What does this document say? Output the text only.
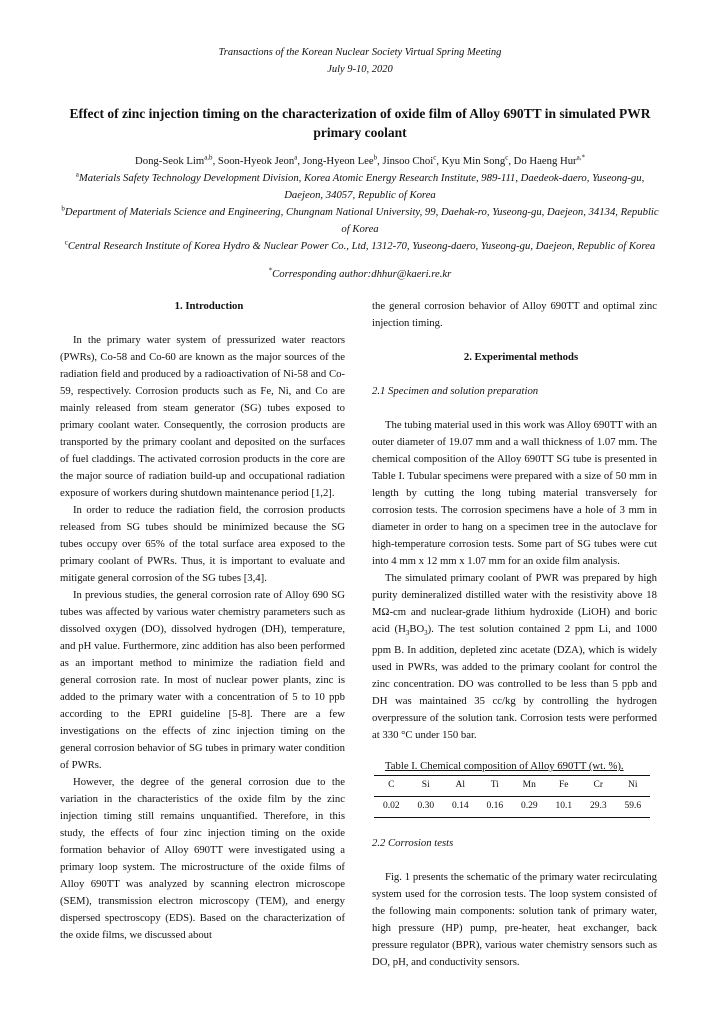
Transactions of the Korean Nuclear Society Virtual Spring Meeting
July 9-10, 2020
Effect of zinc injection timing on the characterization of oxide film of Alloy 690TT in simulated PWR primary coolant
Dong-Seok Lim$^{a,b}$, Soon-Hyeok Jeon$^a$, Jong-Hyeon Lee$^b$, Jinsoo Choi$^c$, Kyu Min Song$^c$, Do Haeng Hur$^{a,*}$
$^a$Materials Safety Technology Development Division, Korea Atomic Energy Research Institute, 989-111, Daedeok-daero, Yuseong-gu, Daejeon, 34057, Republic of Korea
$^b$Department of Materials Science and Engineering, Chungnam National University, 99, Daehak-ro, Yuseong-gu, Daejeon, 34134, Republic of Korea
$^c$Central Research Institute of Korea Hydro & Nuclear Power Co., Ltd, 1312-70, Yuseong-daero, Yuseong-gu, Daejeon, Republic of Korea
*Corresponding author:dhhur@kaeri.re.kr

1. Introduction

In the primary water system of pressurized water reactors (PWRs), Co-58 and Co-60 are known as the major sources of the radiation field and produced by a radioactivation of Ni-58 and Co-59, respectively. Corrosion products such as Fe, Ni, and Co are mainly released from steam generator (SG) tubes exposed to primary coolant water. Consequently, the corrosion products are transported by the primary coolant and deposited on the surfaces of fuel claddings. The activated corrosion products in the core are the major source of radiation build-up and occupational radiation exposure of workers during shutdown maintenance period [1,2].

In order to reduce the radiation field, the corrosion products released from SG tubes should be minimized because the SG tubes occupy over 65% of the total surface area exposed to the primary coolant of PWRs. Thus, it is important to evaluate and mitigate general corrosion of the SG tubes [3,4].

In previous studies, the general corrosion rate of Alloy 690 SG tubes was affected by various water chemistry parameters such as dissolved oxygen (DO), dissolved hydrogen (DH), temperature, and pH value. Furthermore, zinc addition has also been performed as an important method to minimize the radiation field and general corrosion rate. In most of nuclear power plants, zinc is added to the primary water with a concentration of 5 to 10 ppb according to the EPRI guideline [5-8]. There are a few investigations on the effects of zinc injection timing on the general corrosion behavior of SG tubes in primary water condition of PWRs.

However, the degree of the general corrosion due to the variation in the characteristics of the oxide film by the zinc injection timing still remains unquantified. Therefore, in this study, the effects of four zinc injection timing on the oxide formation behavior of Alloy 690TT were investigated using a primary loop system. The microstructure of the oxide films of Alloy 690TT was analyzed by scanning electron microscope (SEM), transmission electron microscopy (TEM), and energy dispersed spectroscopy (EDS). Based on the characterization of the oxide films, we discussed about

the general corrosion behavior of Alloy 690TT and optimal zinc injection timing.

2. Experimental methods

2.1 Specimen and solution preparation

The tubing material used in this work was Alloy 690TT with an outer diameter of 19.07 mm and a wall thickness of 1.07 mm. The chemical composition of the Alloy 690TT SG tube is presented in Table I. Tubular specimens were prepared with a size of 50 mm in length by cutting the long tubing material transversely for corrosion tests. The corrosion specimens have a hole of 3 mm in diameter in order to hang on a specimen tree in the autoclave for high-temperature corrosion tests. Some part of SG tubes were cut into 4 mm x 12 mm x 1.07 mm for an oxide film analysis.

The simulated primary coolant of PWR was prepared by high purity demineralized distilled water with the resistivity above 18 MΩ-cm and nuclear-grade lithium hydroxide (LiOH) and boric acid $(H_3BO_3)$. The test solution contained 2 ppm Li, and 1000 ppm B. In addition, depleted zinc acetate (DZA), which is widely used in PWRs, was added to the primary coolant for control the zinc concentration. DO was controlled to be less than 5 ppb and DH was maintained 35 cc/kg by controlling the hydrogen overpressure of the solution tank. Corrosion tests were performed at 330 °C under 150 bar.

Table I. Chemical composition of Alloy 690TT (wt. %).

C	Si	Al	Ti	Mn	Fe	Cr	Ni
0.02	0.30	0.14	0.16	0.29	10.1	29.3	59.6

2.2 Corrosion tests

Fig. 1 presents the schematic of the primary water recirculating system used for the corrosion tests. The loop system consisted of the following main components: solution tank of primary water, high pressure (HP) pump, pre-heater, heat exchanger, back pressure regulator (BPR), various water chemistry sensors such as DO, pH, and conductivity sensors.
